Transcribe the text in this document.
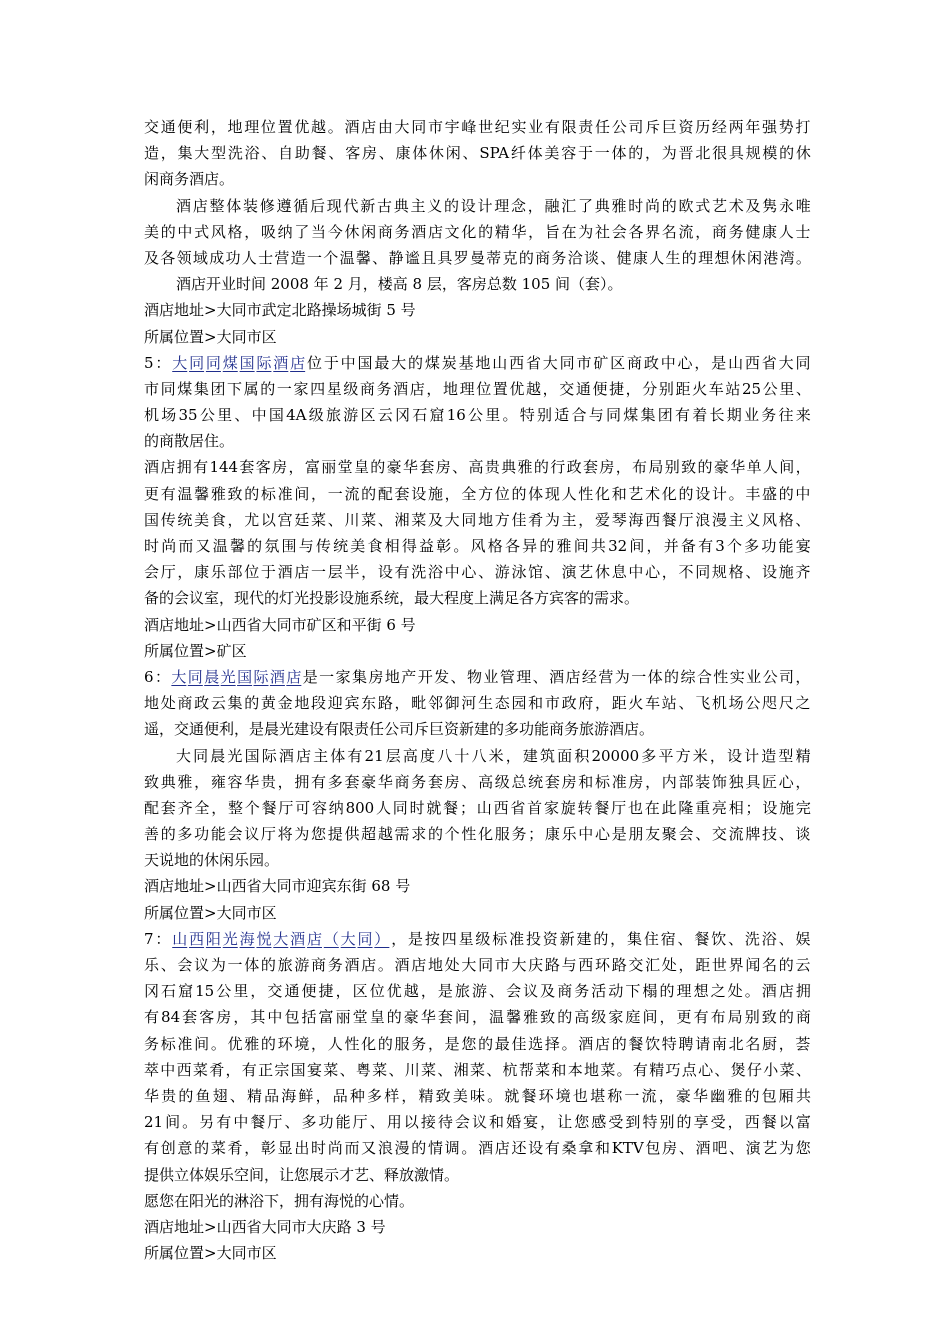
交 通 便 利 ， 地 理 位 置 优 越 。 酒 店 由 大 同 市 宇 峰 世 纪 实 业 有 限 责 任 公 司 斥 巨 资 历 经 两 年 强 势 打
造 ， 集 大 型 洗 浴 、 自 助 餐 、 客 房 、 康 体 休 闲 、 SPA 纤 体 美 容 于 一 体 的 ， 为 晋 北 很 具 规 模 的 休
闲商务酒店。
酒 店 整 体 装 修 遵 循 后 现 代 新 古 典 主 义 的 设 计 理 念 ， 融 汇 了 典 雅 时 尚 的 欧 式 艺 术 及 隽 永 唯
美 的 中 式 风 格 ， 吸 纳 了 当 今 休 闲 商 务 酒 店 文 化 的 精 华 ， 旨 在 为 社 会 各 界 名 流 ， 商 务 健 康 人 士
及 各 领 域 成 功 人 士 营 造 一 个 温 馨 、 静 谧 且 具 罗 曼 蒂 克 的 商 务 洽 谈 、 健 康 人 生 的 理 想 休 闲 港 湾 。
酒店开业时间 2008 年 2 月，楼高 8 层，客房总数 105 间（套）。
酒店地址>大同市武定北路操场城街 5 号
所属位置>大同市区
5 ： 大 同 同 煤 国 际 酒 店 位 于 中 国 最 大 的 煤 炭 基 地 山 西 省 大 同 市 矿 区 商 政 中 心 ， 是 山 西 省 大 同
市 同 煤 集 团 下 属 的 一 家 四 星 级 商 务 酒 店 ， 地 理 位 置 优 越 ， 交 通 便 捷 ， 分 别 距 火 车 站 25 公 里 、
机 场 35 公 里 、 中 国 4A 级 旅 游 区 云 冈 石 窟 16 公 里 。 特 别 适 合 与 同 煤 集 团 有 着 长 期 业 务 往 来
的商散居住。
酒 店 拥 有 144 套 客 房 ， 富 丽 堂 皇 的 豪 华 套 房 、 高 贵 典 雅 的 行 政 套 房 ， 布 局 别 致 的 豪 华 单 人 间 ，
更 有 温 馨 雅 致 的 标 准 间 ， 一 流 的 配 套 设 施 ， 全 方 位 的 体 现 人 性 化 和 艺 术 化 的 设 计 。 丰 盛 的 中
国 传 统 美 食 ， 尤 以 宫 廷 菜 、 川 菜 、 湘 菜 及 大 同 地 方 佳 肴 为 主 ， 爱 琴 海 西 餐 厅 浪 漫 主 义 风 格 、
时 尚 而 又 温 馨 的 氛 围 与 传 统 美 食 相 得 益 彰 。 风 格 各 异 的 雅 间 共 32 间 ， 并 备 有 3 个 多 功 能 宴
会 厅 ， 康 乐 部 位 于 酒 店 一 层 半 ， 设 有 洗 浴 中 心 、 游 泳 馆 、 演 艺 休 息 中 心 ， 不 同 规 格 、 设 施 齐
备的会议室，现代的灯光投影设施系统，最大程度上满足各方宾客的需求。
酒店地址>山西省大同市矿区和平街 6 号
所属位置>矿区
6 ： 大 同 晨 光 国 际 酒 店 是 一 家 集 房 地 产 开 发 、 物 业 管 理 、 酒 店 经 营 为 一 体 的 综 合 性 实 业 公 司 ，
地 处 商 政 云 集 的 黄 金 地 段 迎 宾 东 路 ， 毗 邻 御 河 生 态 园 和 市 政 府 ， 距 火 车 站 、 飞 机 场 公 咫 尺 之
遥，交通便利，是晨光建设有限责任公司斥巨资新建的多功能商务旅游酒店。
大 同 晨 光 国 际 酒 店 主 体 有 21 层 高 度 八 十 八 米 ， 建 筑 面 积 20000 多 平 方 米 ， 设 计 造 型 精
致 典 雅 ， 雍 容 华 贵 ， 拥 有 多 套 豪 华 商 务 套 房 、 高 级 总 统 套 房 和 标 准 房 ， 内 部 装 饰 独 具 匠 心 ，
配 套 齐 全 ， 整 个 餐 厅 可 容 纳 800 人 同 时 就 餐 ； 山 西 省 首 家 旋 转 餐 厅 也 在 此 隆 重 亮 相 ； 设 施 完
善 的 多 功 能 会 议 厅 将 为 您 提 供 超 越 需 求 的 个 性 化 服 务 ； 康 乐 中 心 是 朋 友 聚 会 、 交 流 牌 技 、 谈
天说地的休闲乐园。
酒店地址>山西省大同市迎宾东街 68 号
所属位置>大同市区
7 ： 山 西 阳 光 海 悦 大 酒 店 （ 大 同 ） ， 是 按 四 星 级 标 准 投 资 新 建 的 ， 集 住 宿 、 餐 饮 、 洗 浴 、 娱
乐 、 会 议 为 一 体 的 旅 游 商 务 酒 店 。 酒 店 地 处 大 同 市 大 庆 路 与 西 环 路 交 汇 处 ， 距 世 界 闻 名 的 云
冈 石 窟 15 公 里 ， 交 通 便 捷 ， 区 位 优 越 ， 是 旅 游 、 会 议 及 商 务 活 动 下 榻 的 理 想 之 处 。 酒 店 拥
有 84 套 客 房 ， 其 中 包 括 富 丽 堂 皇 的 豪 华 套 间 ， 温 馨 雅 致 的 高 级 家 庭 间 ， 更 有 布 局 别 致 的 商
务 标 准 间 。 优 雅 的 环 境 ， 人 性 化 的 服 务 ， 是 您 的 最 佳 选 择 。 酒 店 的 餐 饮 特 聘 请 南 北 名 厨 ， 荟
萃 中 西 菜 肴 ， 有 正 宗 国 宴 菜 、 粤 菜 、 川 菜 、 湘 菜 、 杭 帮 菜 和 本 地 菜 。 有 精 巧 点 心 、 煲 仔 小 菜 、
华 贵 的 鱼 翅 、 精 品 海 鲜 ， 品 种 多 样 ， 精 致 美 味 。 就 餐 环 境 也 堪 称 一 流 ， 豪 华 幽 雅 的 包 厢 共
21 间 。 另 有 中 餐 厅 、 多 功 能 厅 、 用 以 接 待 会 议 和 婚 宴 ， 让 您 感 受 到 特 别 的 享 受 ， 西 餐 以 富
有 创 意 的 菜 肴 ， 彰 显 出 时 尚 而 又 浪 漫 的 情 调 。 酒 店 还 设 有 桑 拿 和 KTV 包 房 、 酒 吧 、 演 艺 为 您
提供立体娱乐空间，让您展示才艺、释放激情。
愿您在阳光的淋浴下，拥有海悦的心情。
酒店地址>山西省大同市大庆路 3 号
所属位置>大同市区
